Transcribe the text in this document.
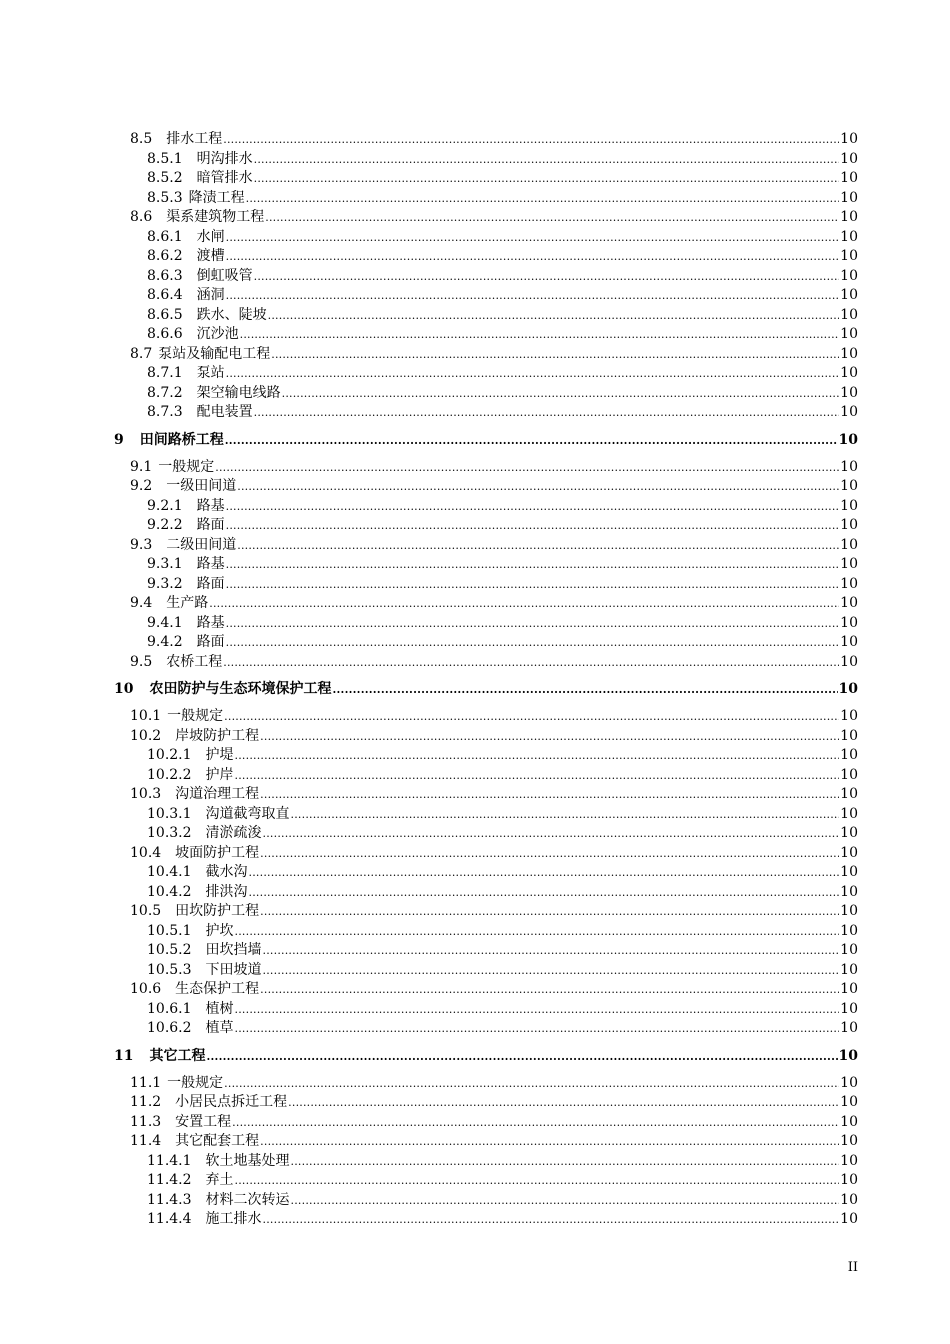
8.5 排水工程 .....	10
8.5.1 明沟排水 .....	10
8.5.2 暗管排水 .....	10
8.5.3 降渍工程 .....	10
8.6 渠系建筑物工程 .....	10
8.6.1 水闸 .....	10
8.6.2 渡槽 .....	10
8.6.3 倒虹吸管 .....	10
8.6.4 涵洞 .....	10
8.6.5 跌水、陡坡 .....	10
8.6.6 沉沙池 .....	10
8.7 泵站及输配电工程 .....	10
8.7.1 泵站 .....	10
8.7.2 架空输电线路 .....	10
8.7.3 配电装置 .....	10
9 田间路桥工程 .....	10
9.1 一般规定 .....	10
9.2 一级田间道 .....	10
9.2.1 路基 .....	10
9.2.2 路面 .....	10
9.3 二级田间道 .....	10
9.3.1 路基 .....	10
9.3.2 路面 .....	10
9.4 生产路 .....	10
9.4.1 路基 .....	10
9.4.2 路面 .....	10
9.5 农桥工程 .....	10
10 农田防护与生态环境保护工程 .....	10
10.1 一般规定 .....	10
10.2 岸坡防护工程 .....	10
10.2.1 护堤 .....	10
10.2.2 护岸 .....	10
10.3 沟道治理工程 .....	10
10.3.1 沟道截弯取直 .....	10
10.3.2 清淤疏浚 .....	10
10.4 坡面防护工程 .....	10
10.4.1 截水沟 .....	10
10.4.2 排洪沟 .....	10
10.5 田坎防护工程 .....	10
10.5.1 护坎 .....	10
10.5.2 田坎挡墙 .....	10
10.5.3 下田坡道 .....	10
10.6 生态保护工程 .....	10
10.6.1 植树 .....	10
10.6.2 植草 .....	10
11 其它工程 .....	10
11.1 一般规定 .....	10
11.2 小居民点拆迁工程 .....	10
11.3 安置工程 .....	10
11.4 其它配套工程 .....	10
11.4.1 软土地基处理 .....	10
11.4.2 弃土 .....	10
11.4.3 材料二次转运 .....	10
11.4.4 施工排水 .....	10
II
